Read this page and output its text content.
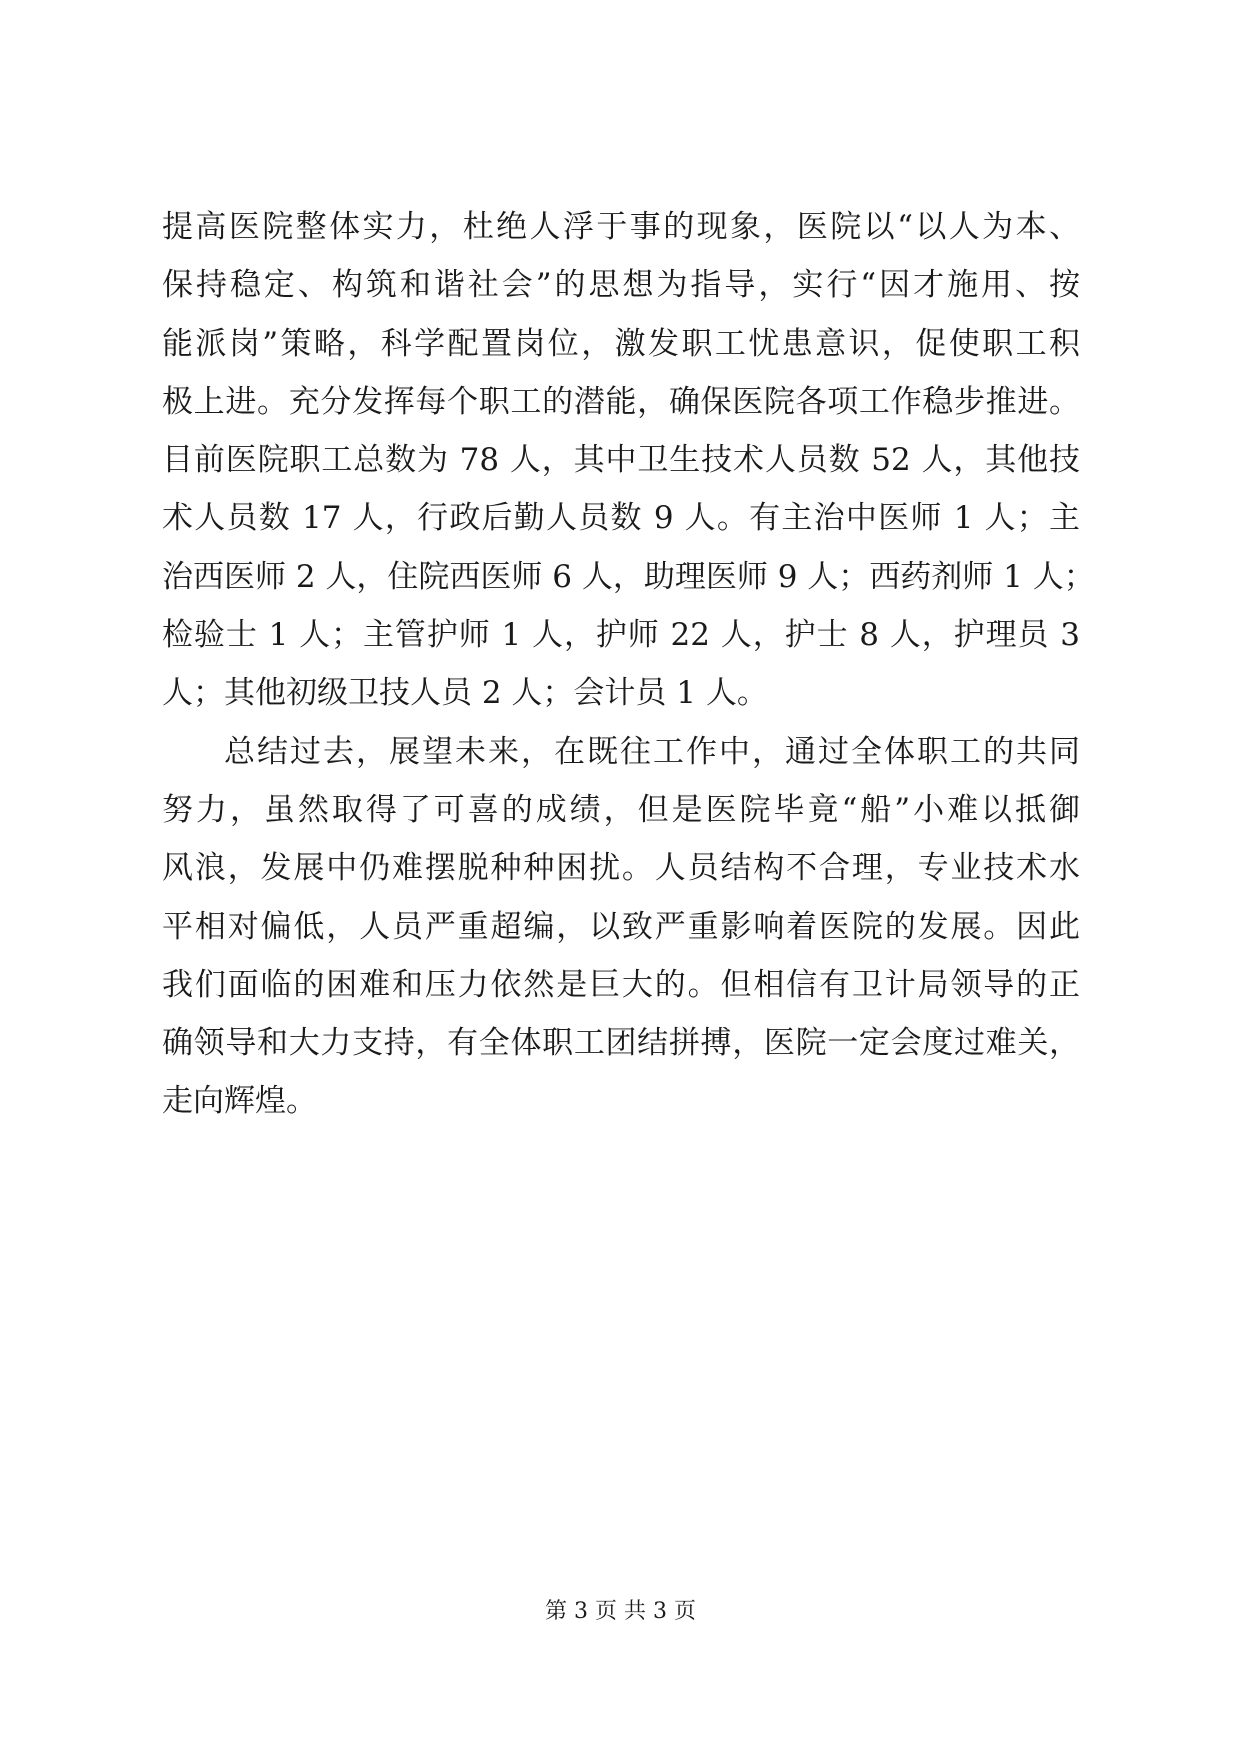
提高医院整体实力，杜绝人浮于事的现象，医院以“以人为本、
保持稳定、构筑和谐社会”的思想为指导，实行“因才施用、按
能派岗”策略，科学配置岗位，激发职工忧患意识，促使职工积
极上进。充分发挥每个职工的潜能，确保医院各项工作稳步推进。
目前医院职工总数为 78 人，其中卫生技术人员数 52 人，其他技
术人员数 17 人，行政后勤人员数 9 人。有主治中医师 1 人；主
治西医师 2 人，住院西医师 6 人，助理医师 9 人；西药剂师 1 人；
检验士 1 人；主管护师 1 人，护师 22 人，护士 8 人，护理员 3
人；其他初级卫技人员 2 人；会计员 1 人。
总结过去，展望未来，在既往工作中，通过全体职工的共同
努力，虽然取得了可喜的成绩，但是医院毕竟“船”小难以抵御
风浪，发展中仍难摆脱种种困扰。人员结构不合理，专业技术水
平相对偏低，人员严重超编，以致严重影响着医院的发展。因此
我们面临的困难和压力依然是巨大的。但相信有卫计局领导的正
确领导和大力支持，有全体职工团结拼搏，医院一定会度过难关，
走向辉煌。
第 3 页 共 3 页
